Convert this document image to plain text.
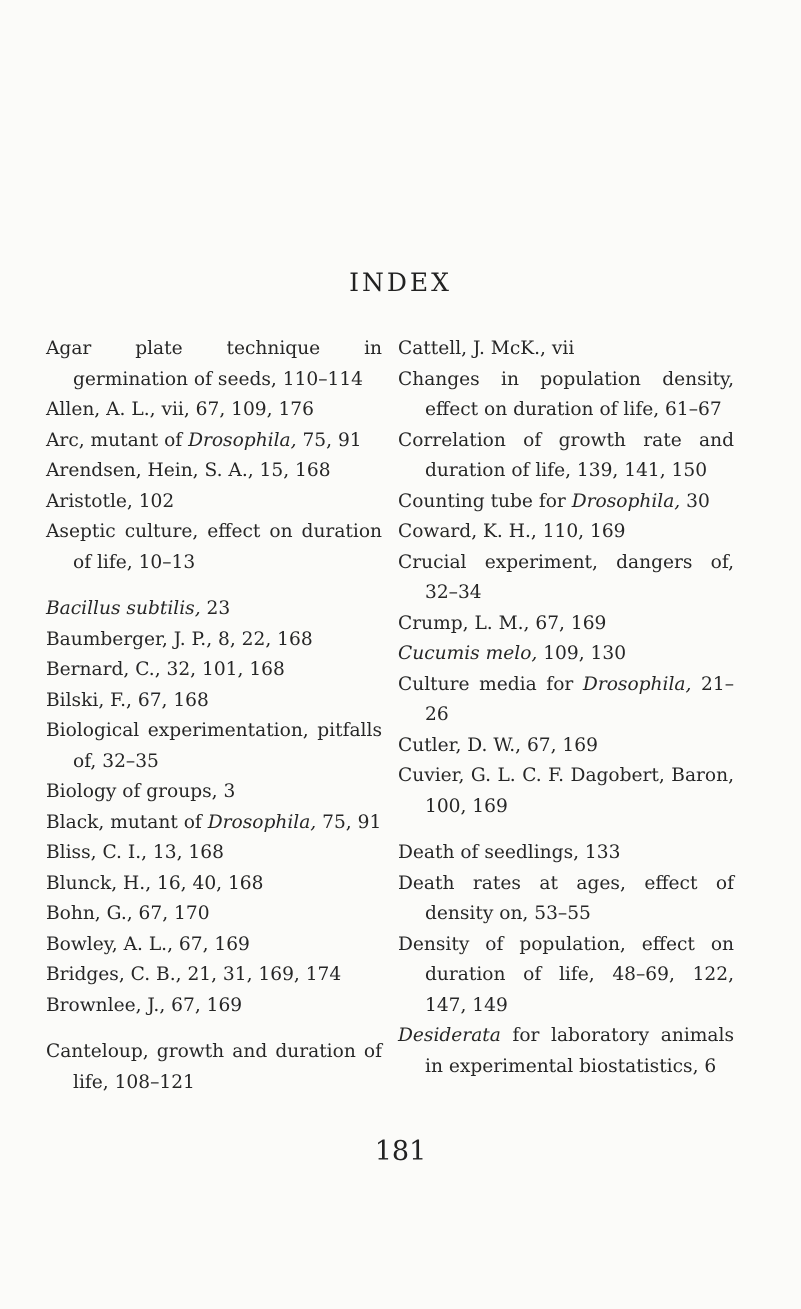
INDEX
Agar plate technique in germination of seeds, 110–114
Allen, A. L., vii, 67, 109, 176
Arc, mutant of Drosophila, 75, 91
Arendsen, Hein, S. A., 15, 168
Aristotle, 102
Aseptic culture, effect on duration of life, 10–13
Bacillus subtilis, 23
Baumberger, J. P., 8, 22, 168
Bernard, C., 32, 101, 168
Bilski, F., 67, 168
Biological experimentation, pitfalls of, 32–35
Biology of groups, 3
Black, mutant of Drosophila, 75, 91
Bliss, C. I., 13, 168
Blunck, H., 16, 40, 168
Bohn, G., 67, 170
Bowley, A. L., 67, 169
Bridges, C. B., 21, 31, 169, 174
Brownlee, J., 67, 169
Canteloup, growth and duration of life, 108–121
Cattell, J. McK., vii
Changes in population density, effect on duration of life, 61–67
Correlation of growth rate and duration of life, 139, 141, 150
Counting tube for Drosophila, 30
Coward, K. H., 110, 169
Crucial experiment, dangers of, 32–34
Crump, L. M., 67, 169
Cucumis melo, 109, 130
Culture media for Drosophila, 21–26
Cutler, D. W., 67, 169
Cuvier, G. L. C. F. Dagobert, Baron, 100, 169
Death of seedlings, 133
Death rates at ages, effect of density on, 53–55
Density of population, effect on duration of life, 48–69, 122, 147, 149
Desiderata for laboratory animals in experimental biostatistics, 6
181
